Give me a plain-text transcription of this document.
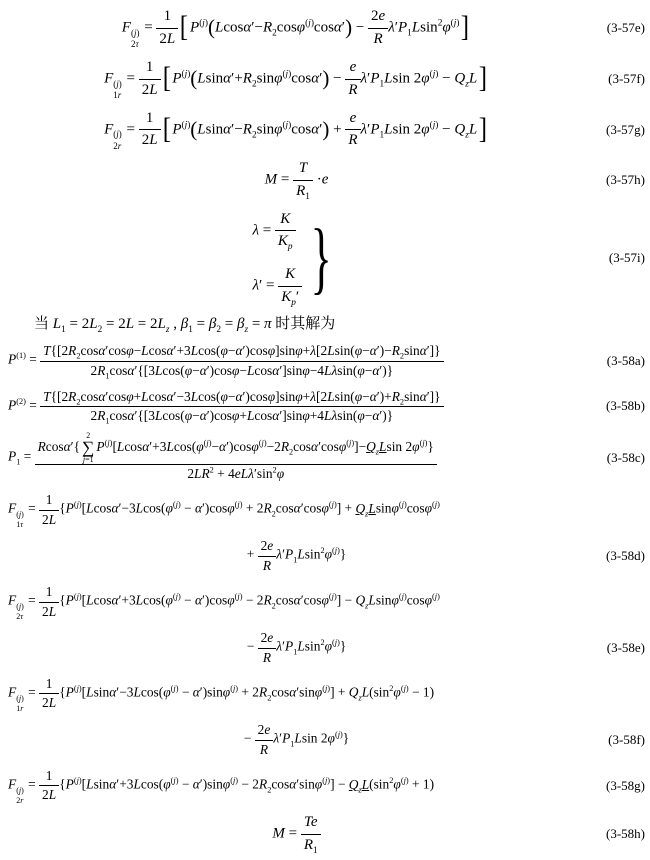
F (j)
2τ
= $\frac{1}{2L}$ [ $P^{(j)}(Lcos\alpha'-R_2\cos\varphi^{(j)}\cos\alpha') - \frac{2e}{R} \lambda'P_1Lsin^2\varphi^{(j)}$]	(3-57e)
F (j)
1r
= $\frac{1}{2L}$ [ $P^{(j)}(Lsin\alpha'+R_2\sin\varphi^{(j)}\cos\alpha') - \frac{e}{R} \lambda'P_1Lsin$ $2\varphi^{(j)} - Q_zL$]	(3-57f)
F (j)
2r
= $\frac{1}{2L}$ [ $P^{(j)}(Lsin\alpha'-R_2\sin\varphi^{(j)}\cos\alpha') + \frac{e}{R} \lambda'P_1Lsin$ $2\varphi^{(j)} - Q_zL$]	(3-57g)
$M = \frac{T}{R_1} \cdot e$	(3-57h)
$\lambda = \frac{K}{K_p}$
$\lambda' = \frac{K}{K_p'}$ }	(3-57i)
当 $L_1 = 2L_2 = 2L = 2L_z$ , $\beta_1 = \beta_2 = \beta_z = \pi$ 时其解为
$P^{(1)}$ =
$T\{[2R_2\cos\alpha'\cos\varphi-Lcos\alpha'+3Lcos(\varphi-\alpha')\cos\varphi]\sin\varphi+\lambda[2Lsin(\varphi-\alpha')-R_2\sin\alpha']\}$
$2R_1\cos\alpha'\{[3Lcos(\varphi-\alpha')\cos\varphi-Lcos\alpha']\sin\varphi-4L\lambda\sin(\varphi-\alpha')\}$
(3-58a)
$P^{(2)}$ =
$T\{[2R_2\cos\alpha'\cos\varphi+Lcos\alpha'-3Lcos(\varphi-\alpha')\cos\varphi]\sin\varphi+\lambda[2Lsin(\varphi-\alpha')+R_2\sin\alpha']\}$
$2R_1\cos\alpha'\{[3Lcos(\varphi-\alpha')\cos\varphi+Lcos\alpha']\sin\varphi+4L\lambda\sin(\varphi-\alpha')\}$
(3-58b)
$P_1$ =
Rcosα′{
2
∑
j=1
$P^{(j)}[Lcos\alpha'+3Lcos(\varphi^{(j)}-\alpha')\cos\varphi^{(j)}-2R_2\cos\alpha'\cos\varphi^{(j)}]-Q_zLsin$ $2\varphi^{(j)}$}
$2LR^2 + 4eL\lambda'\sin^2\varphi$
(3-58c)
F (j)
1τ
= $\frac{1}{2L} \{P^{(j)}[Lcos\alpha'-3Lcos(\varphi^{(j)} - \alpha')\cos\varphi^{(j)} + 2R_2\cos\alpha'\cos\varphi^{(j)}] + Q_zLsin\varphi^{(j)}\cos\varphi^{(j)}$
+ $\frac{2e}{R} \lambda'P_1Lsin^2\varphi^{(j)}$}	(3-58d)
F (j)
2τ
= $\frac{1}{2L} \{P^{(j)}[Lcos\alpha'+3Lcos(\varphi^{(j)} - \alpha')\cos\varphi^{(j)} - 2R_2\cos\alpha'\cos\varphi^{(j)}] - Q_zLsin\varphi^{(j)}\cos\varphi^{(j)}$
− $\frac{2e}{R} \lambda'P_1Lsin^2\varphi^{(j)}$}	(3-58e)
F (j)
1r
= $\frac{1}{2L} \{P^{(j)}[Lsin\alpha'-3Lcos(\varphi^{(j)} - \alpha')\sin\varphi^{(j)} + 2R_2\cos\alpha'\sin\varphi^{(j)}] + Q_zL(\sin^2\varphi^{(j)} - 1)$
− $\frac{2e}{R} \lambda'P_1Lsin$ $2\varphi^{(j)}$}	(3-58f)
F (j)
2r
= $\frac{1}{2L} \{P^{(j)}[Lsin\alpha'+3Lcos(\varphi^{(j)} - \alpha')\sin\varphi^{(j)} - 2R_2\cos\alpha'\sin\varphi^{(j)}] - Q_zL(\sin^2\varphi^{(j)} + 1)$	(3-58g)
$M = \frac{Te}{R_1}$	(3-58h)
